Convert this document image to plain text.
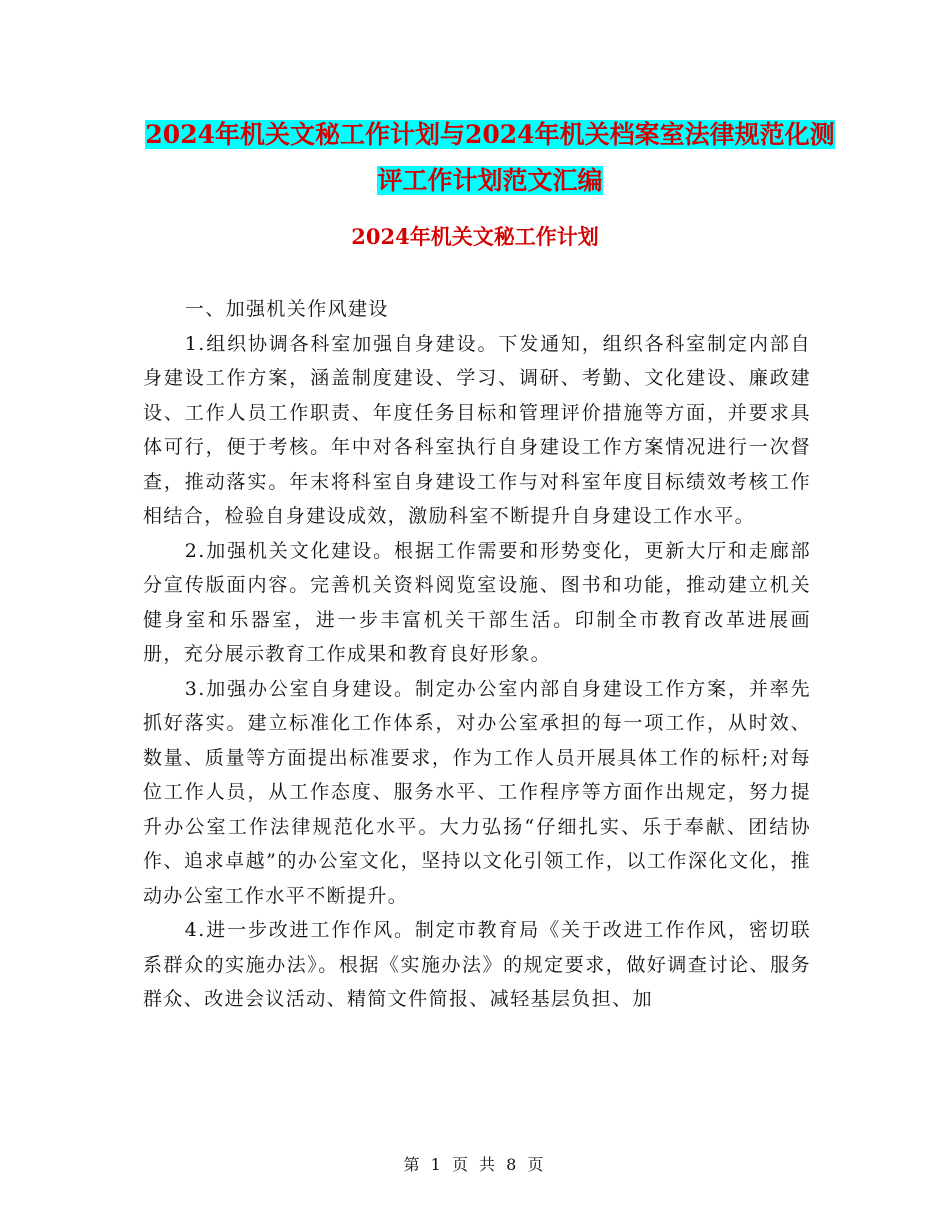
2024年机关文秘工作计划与2024年机关档案室法律规范化测评工作计划范文汇编
2024年机关文秘工作计划

一、加强机关作风建设

1.组织协调各科室加强自身建设。下发通知，组织各科室制定内部自身建设工作方案，涵盖制度建设、学习、调研、考勤、文化建设、廉政建设、工作人员工作职责、年度任务目标和管理评价措施等方面，并要求具体可行，便于考核。年中对各科室执行自身建设工作方案情况进行一次督查，推动落实。年末将科室自身建设工作与对科室年度目标绩效考核工作相结合，检验自身建设成效，激励科室不断提升自身建设工作水平。

2.加强机关文化建设。根据工作需要和形势变化，更新大厅和走廊部分宣传版面内容。完善机关资料阅览室设施、图书和功能，推动建立机关健身室和乐器室，进一步丰富机关干部生活。印制全市教育改革进展画册，充分展示教育工作成果和教育良好形象。

3.加强办公室自身建设。制定办公室内部自身建设工作方案，并率先抓好落实。建立标准化工作体系，对办公室承担的每一项工作，从时效、数量、质量等方面提出标准要求，作为工作人员开展具体工作的标杆;对每位工作人员，从工作态度、服务水平、工作程序等方面作出规定，努力提升办公室工作法律规范化水平。大力弘扬“仔细扎实、乐于奉献、团结协作、追求卓越”的办公室文化，坚持以文化引领工作，以工作深化文化，推动办公室工作水平不断提升。

4.进一步改进工作作风。制定市教育局《关于改进工作作风，密切联系群众的实施办法》。根据《实施办法》的规定要求，做好调查讨论、服务群众、改进会议活动、精简文件简报、减轻基层负担、加

第 1 页 共 8 页
